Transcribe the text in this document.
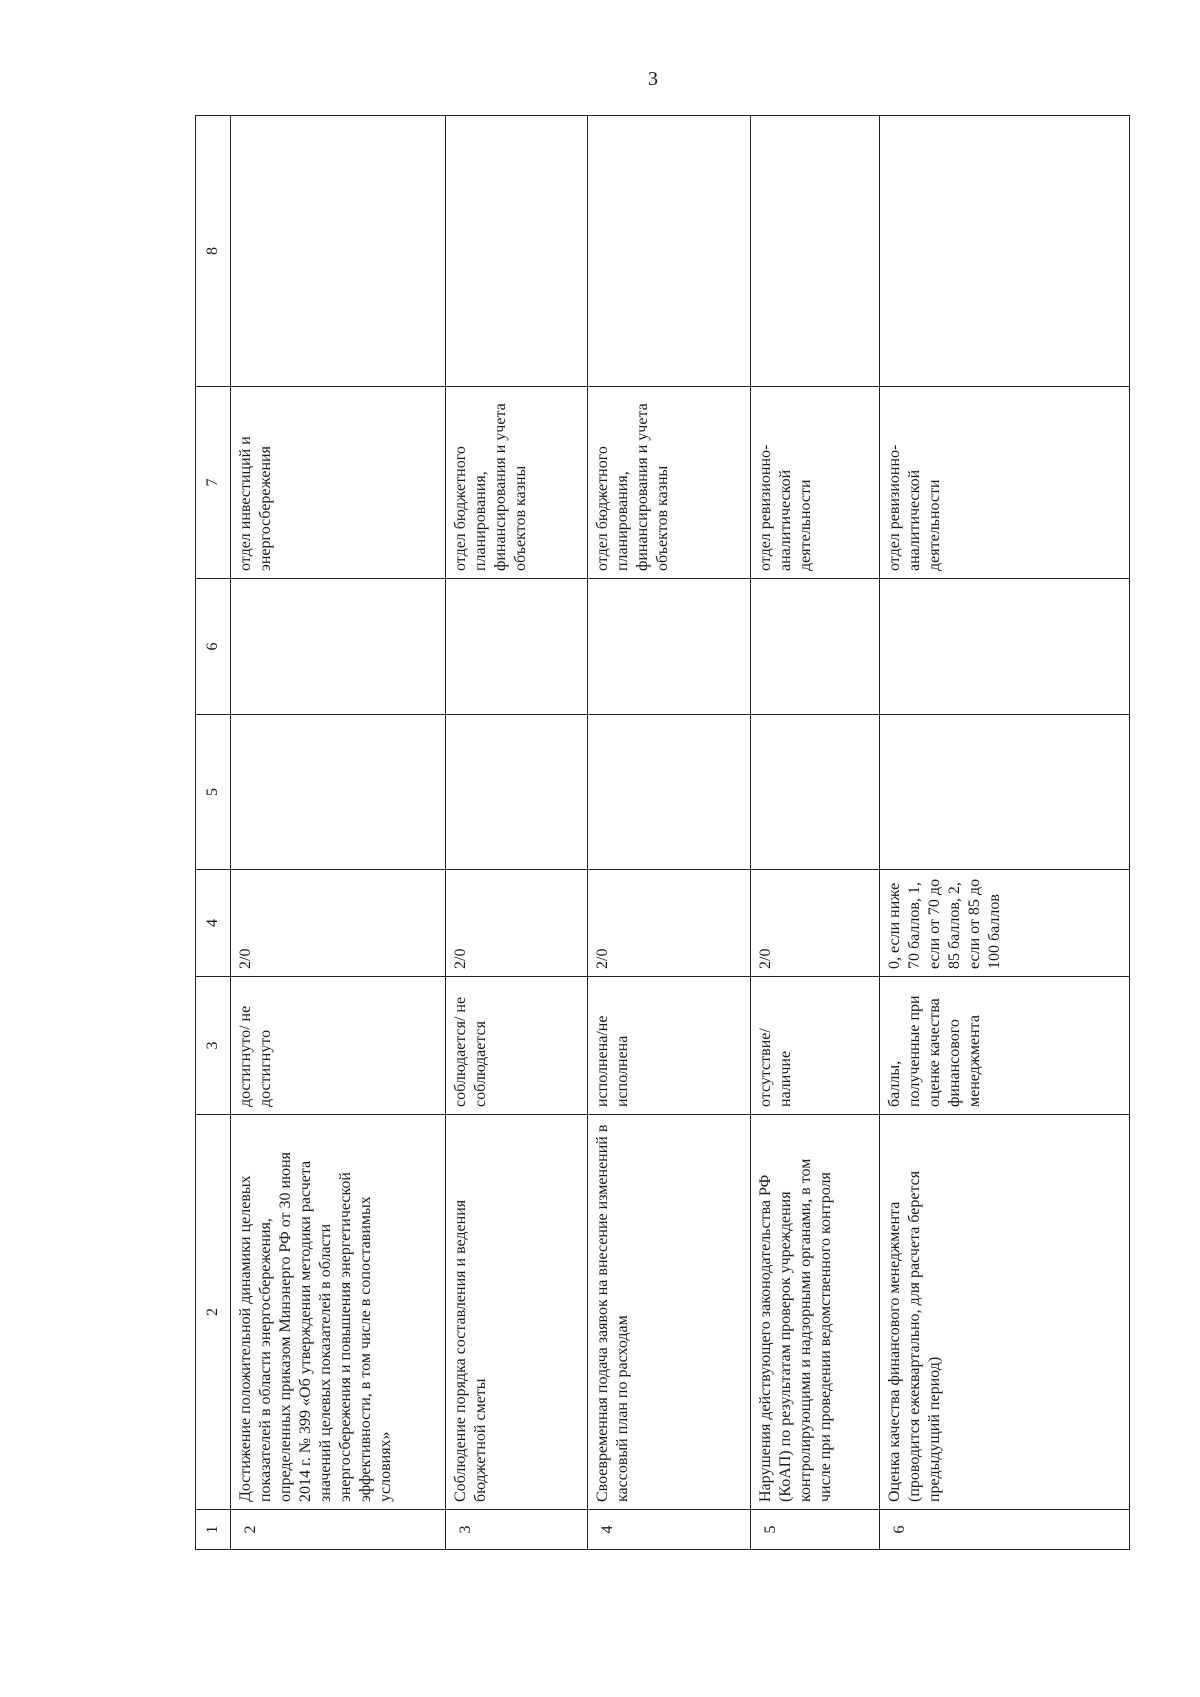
3
1	2	3	4	5	6	7	8
2	Достижение положительной динамики целевых показателей в области энергосбережения, определенных приказом Минэнерго РФ от 30 июня 2014 г. № 399 «Об утверждении методики расчета значений целевых показателей в области энергосбережения и повышения энергетической эффективности, в том числе в сопоставимых условиях»	достигнуто/ не достигнуто	2/0			отдел инвестиций и энергосбережения	
3	Соблюдение порядка составления и ведения бюджетной сметы	соблюдается/ не соблюдается	2/0			отдел бюджетного планирования, финансирования и учета объектов казны	
4	Своевременная подача заявок на внесение изменений в кассовый план по расходам	исполнена/не исполнена	2/0			отдел бюджетного планирования, финансирования и учета объектов казны	
5	Нарушения действующего законодательства РФ (КоАП) по результатам проверок учреждения контролирующими и надзорными органами, в том числе при проведении ведомственного контроля	отсутствие/ наличие	2/0			отдел ревизионно-аналитической деятельности	
6	Оценка качества финансового менеджмента (проводится ежеквартально, для расчета берется предыдущий период)	баллы, полученные при оценке качества финансового менеджмента	0, если ниже 70 баллов, 1, если от 70 до 85 баллов, 2, если от 85 до 100 баллов			отдел ревизионно-аналитической деятельности	
